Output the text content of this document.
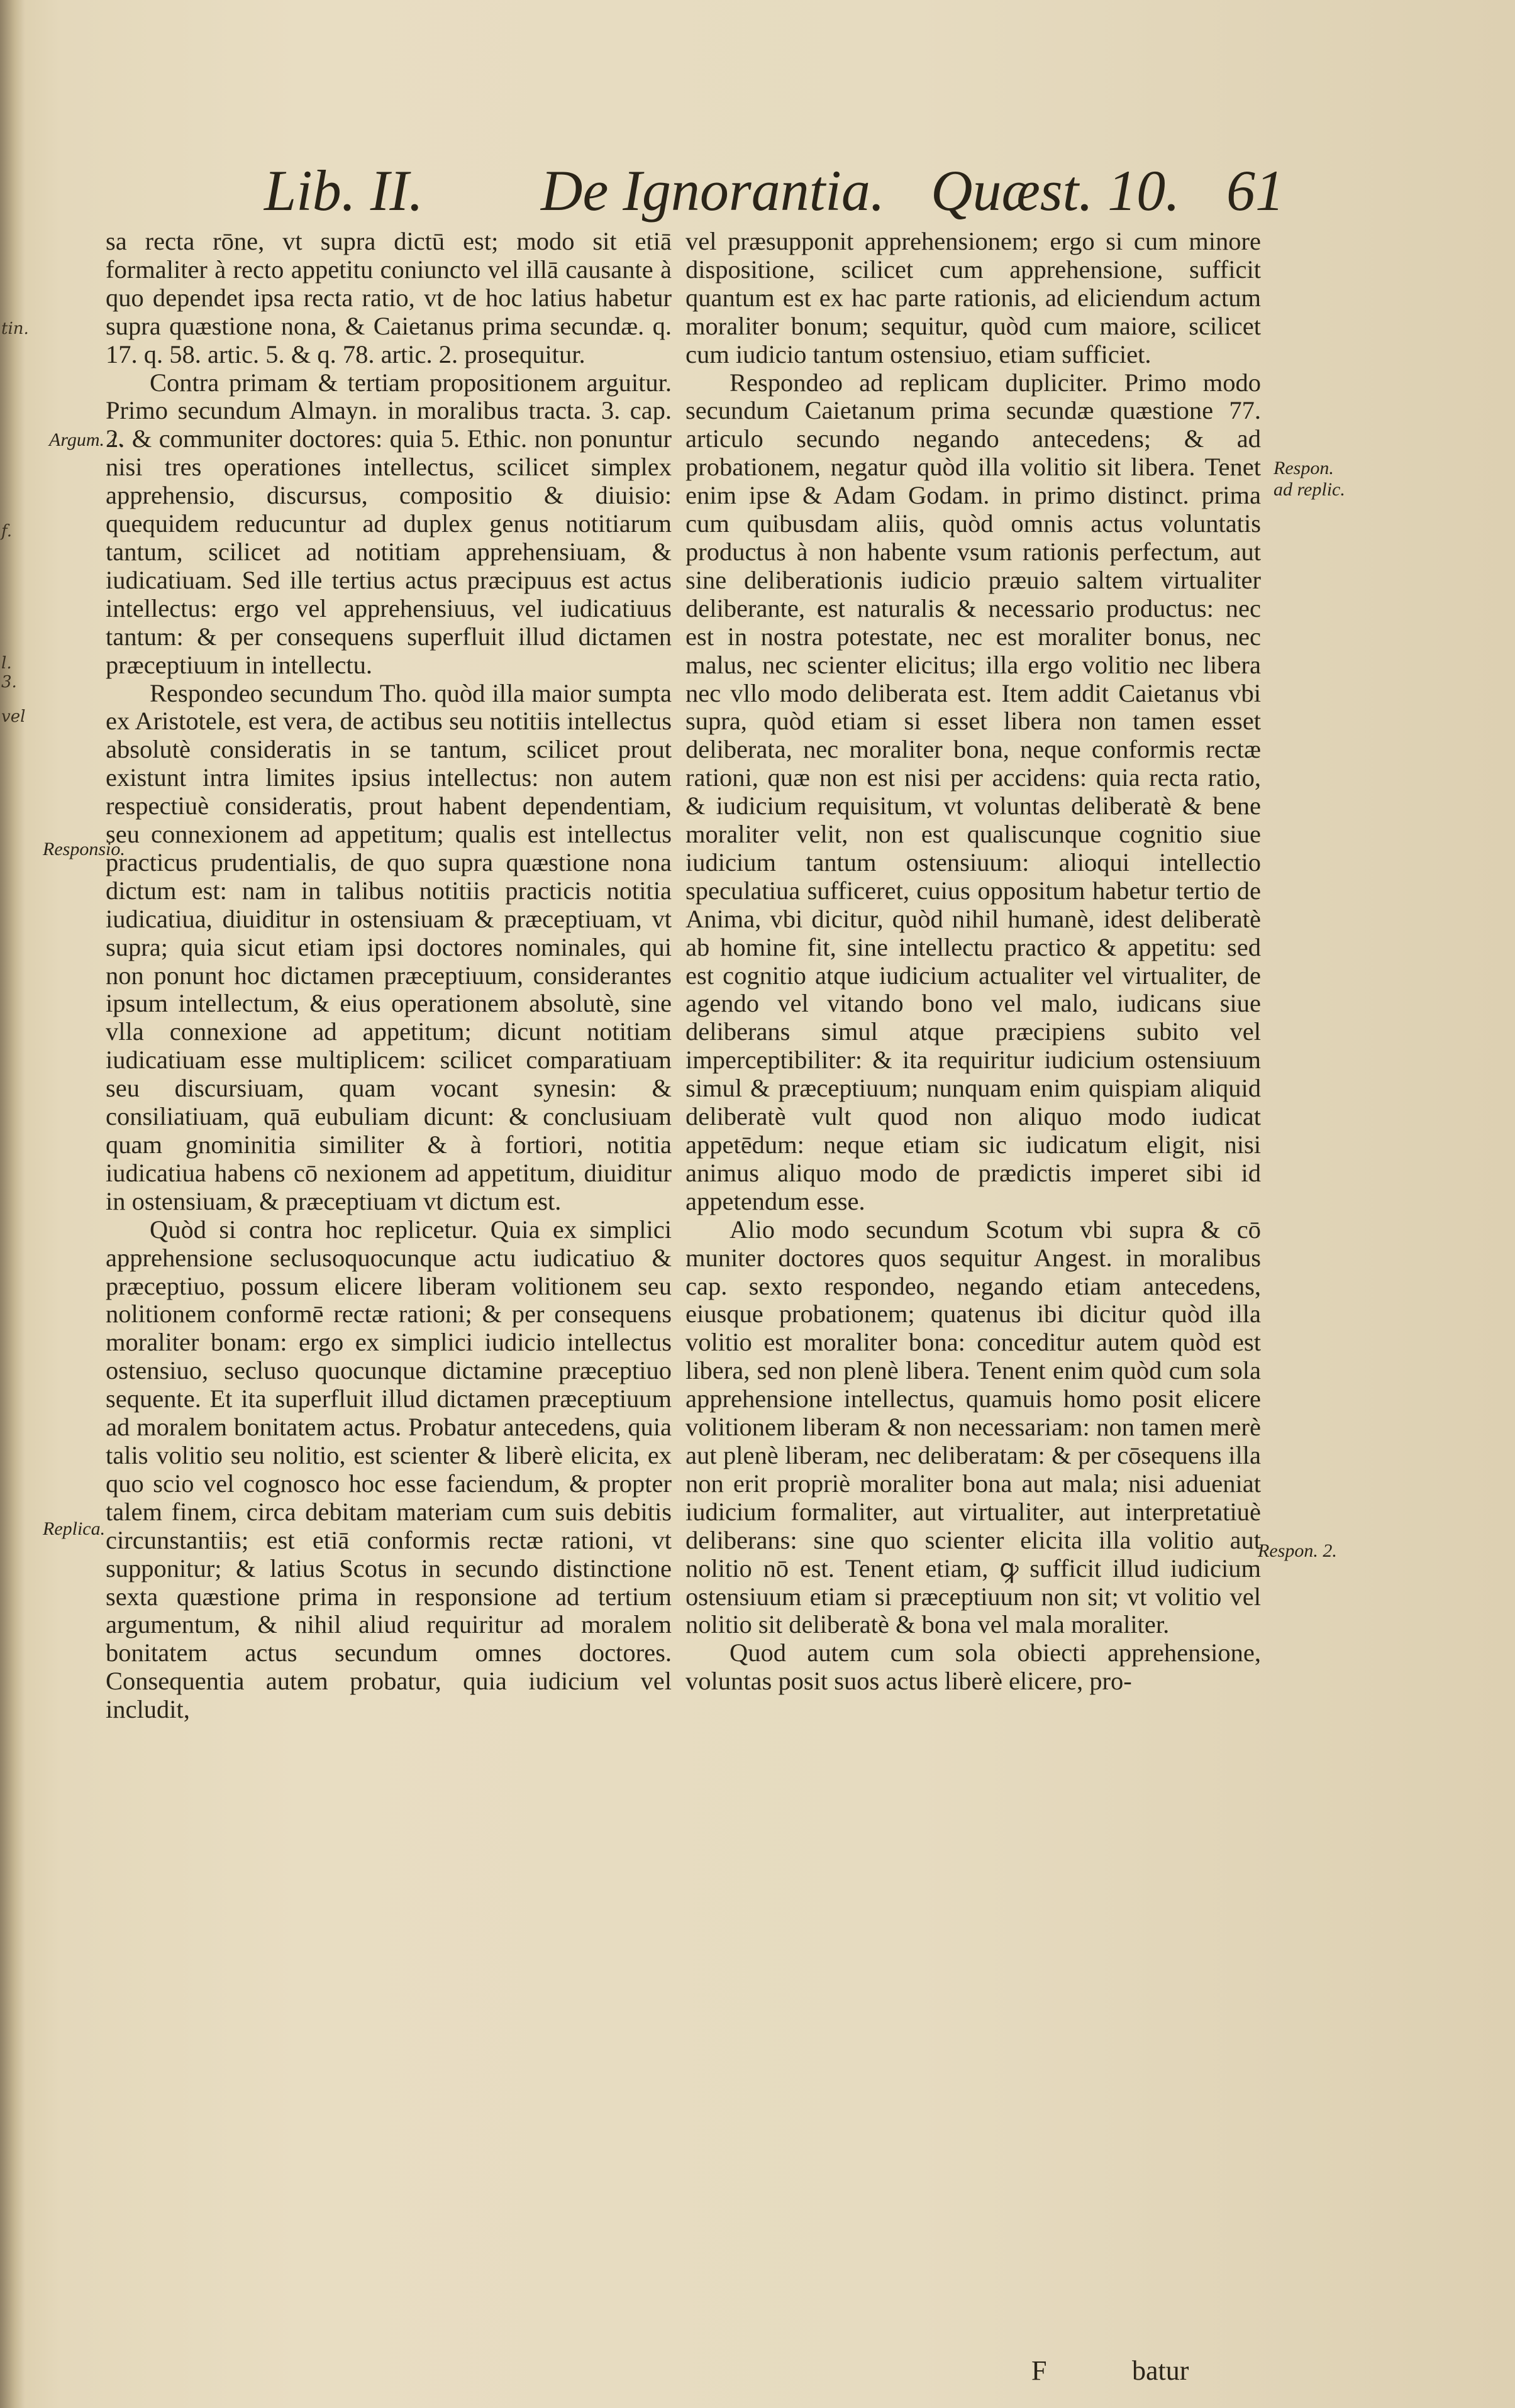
tin.
f.
l. 3.
vel
Lib. II. De Ignorantia. Quæst. 10. 61
Argum. 1.
Responsio.
Replica.
Respon. ad replic.
Respon. 2.

sa recta rōne, vt supra dictū est; modo sit etiā formaliter à recto appetitu coniuncto vel illā causante à quo dependet ipsa recta ratio, vt de hoc latius habetur supra quæstione nona, & Caietanus prima secundæ. q. 17. q. 58. artic. 5. & q. 78. artic. 2. prosequitur.

Contra primam & tertiam propositionem arguitur. Primo secundum Almayn. in moralibus tracta. 3. cap. 2. & communiter doctores: quia 5. Ethic. non ponuntur nisi tres operationes intellectus, scilicet simplex apprehensio, discursus, compositio & diuisio: quequidem reducuntur ad duplex genus notitiarum tantum, scilicet ad notitiam apprehensiuam, & iudicatiuam. Sed ille tertius actus præcipuus est actus intellectus: ergo vel apprehensiuus, vel iudicatiuus tantum: & per consequens superfluit illud dictamen præceptiuum in intellectu.

Respondeo secundum Tho. quòd illa maior sumpta ex Aristotele, est vera, de actibus seu notitiis intellectus absolutè consideratis in se tantum, scilicet prout existunt intra limites ipsius intellectus: non autem respectiuè consideratis, prout habent dependentiam, seu connexionem ad appetitum; qualis est intellectus practicus prudentialis, de quo supra quæstione nona dictum est: nam in talibus notitiis practicis notitia iudicatiua, diuiditur in ostensiuam & præceptiuam, vt supra; quia sicut etiam ipsi doctores nominales, qui non ponunt hoc dictamen præceptiuum, considerantes ipsum intellectum, & eius operationem absolutè, sine vlla connexione ad appetitum; dicunt notitiam iudicatiuam esse multiplicem: scilicet comparatiuam seu discursiuam, quam vocant synesin: & consiliatiuam, quā eubuliam dicunt: & conclusiuam quam gnominitia similiter & à fortiori, notitia iudicatiua habens cō nexionem ad appetitum, diuiditur in ostensiuam, & præceptiuam vt dictum est.

Quòd si contra hoc replicetur. Quia ex simplici apprehensione seclusoquocunque actu iudicatiuo & præceptiuo, possum elicere liberam volitionem seu nolitionem conformē rectæ rationi; & per consequens moraliter bonam: ergo ex simplici iudicio intellectus ostensiuo, secluso quocunque dictamine præceptiuo sequente. Et ita superfluit illud dictamen præceptiuum ad moralem bonitatem actus. Probatur antecedens, quia talis volitio seu nolitio, est scienter & liberè elicita, ex quo scio vel cognosco hoc esse faciendum, & propter talem finem, circa debitam materiam cum suis debitis circunstantiis; est etiā conformis rectæ rationi, vt supponitur; & latius Scotus in secundo distinctione sexta quæstione prima in responsione ad tertium argumentum, & nihil aliud requiritur ad moralem bonitatem actus secundum omnes doctores. Consequentia autem probatur, quia iudicium vel includit,

vel præsupponit apprehensionem; ergo si cum minore dispositione, scilicet cum apprehensione, sufficit quantum est ex hac parte rationis, ad eliciendum actum moraliter bonum; sequitur, quòd cum maiore, scilicet cum iudicio tantum ostensiuo, etiam sufficiet.

Respondeo ad replicam dupliciter. Primo modo secundum Caietanum prima secundæ quæstione 77. articulo secundo negando antecedens; & ad probationem, negatur quòd illa volitio sit libera. Tenet enim ipse & Adam Godam. in primo distinct. prima cum quibusdam aliis, quòd omnis actus voluntatis productus à non habente vsum rationis perfectum, aut sine deliberationis iudicio præuio saltem virtualiter deliberante, est naturalis & necessario productus: nec est in nostra potestate, nec est moraliter bonus, nec malus, nec scienter elicitus; illa ergo volitio nec libera nec vllo modo deliberata est. Item addit Caietanus vbi supra, quòd etiam si esset libera non tamen esset deliberata, nec moraliter bona, neque conformis rectæ rationi, quæ non est nisi per accidens: quia recta ratio, & iudicium requisitum, vt voluntas deliberatè & bene moraliter velit, non est qualiscunque cognitio siue iudicium tantum ostensiuum: alioqui intellectio speculatiua sufficeret, cuius oppositum habetur tertio de Anima, vbi dicitur, quòd nihil humanè, idest deliberatè ab homine fit, sine intellectu practico & appetitu: sed est cognitio atque iudicium actualiter vel virtualiter, de agendo vel vitando bono vel malo, iudicans siue deliberans simul atque præcipiens subito vel imperceptibiliter: & ita requiritur iudicium ostensiuum simul & præceptiuum; nunquam enim quispiam aliquid deliberatè vult quod non aliquo modo iudicat appetēdum: neque etiam sic iudicatum eligit, nisi animus aliquo modo de prædictis imperet sibi id appetendum esse.

Alio modo secundum Scotum vbi supra & cō muniter doctores quos sequitur Angest. in moralibus cap. sexto respondeo, negando etiam antecedens, eiusque probationem; quatenus ibi dicitur quòd illa volitio est moraliter bona: conceditur autem quòd est libera, sed non plenè libera. Tenent enim quòd cum sola apprehensione intellectus, quamuis homo posit elicere volitionem liberam & non necessariam: non tamen merè aut plenè liberam, nec deliberatam: & per cōsequens illa non erit propriè moraliter bona aut mala; nisi adueniat iudicium formaliter, aut virtualiter, aut interpretatiuè deliberans: sine quo scienter elicita illa volitio aut nolitio nō est. Tenent etiam, ꝙ sufficit illud iudicium ostensiuum etiam si præceptiuum non sit; vt volitio vel nolitio sit deliberatè & bona vel mala moraliter.

Quod autem cum sola obiecti apprehensione, voluntas posit suos actus liberè elicere, pro-

F	batur
